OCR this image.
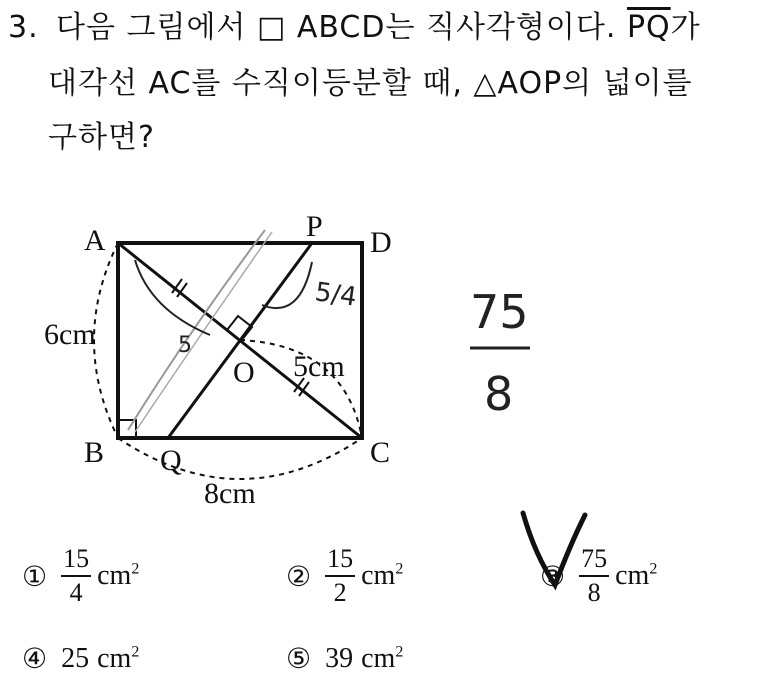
3. 다음 그림에서 □ ABCD는 직사각형이다. $\overline{PQ}$가
대각선 AC를 수직이등분할 때, △AOP의 넓이를
구하면?
A
B	C
D
P
Q
O
6cm
8cm
5cm
5
5/4 75
8
① $\frac{15}{4} cm^2$	② $\frac{15}{2} cm^2$	③ $\frac{75}{8} cm^2$
④ 25 $cm^2$	⑤ 39 $cm^2$
